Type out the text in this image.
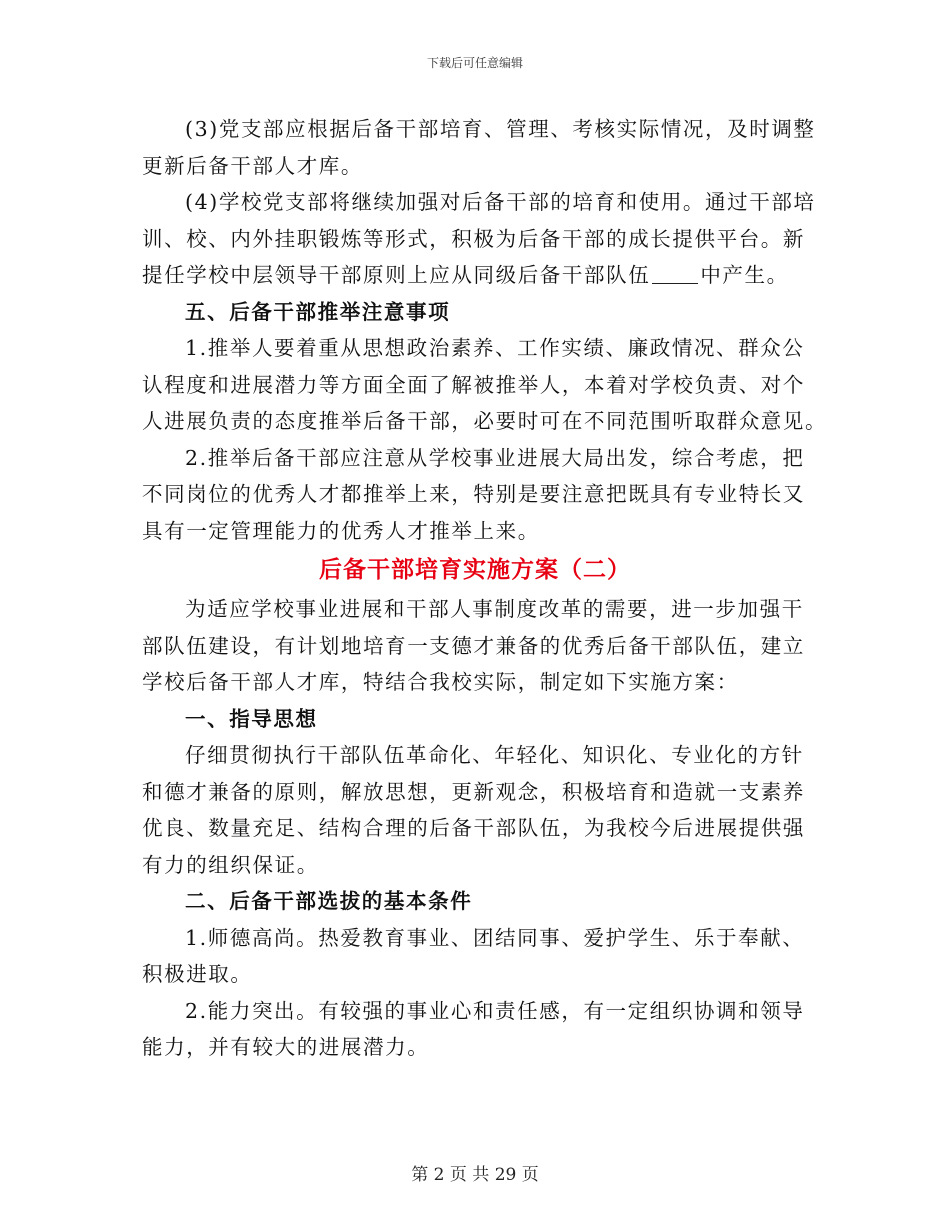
下载后可任意编辑
(3)党支部应根据后备干部培育、管理、考核实际情况，及时调整
更新后备干部人才库。
(4)学校党支部将继续加强对后备干部的培育和使用。通过干部培
训、校、内外挂职锻炼等形式，积极为后备干部的成长提供平台。新
提任学校中层领导干部原则上应从同级后备干部队伍 中产生。
五、后备干部推举注意事项
1.推举人要着重从思想政治素养、工作实绩、廉政情况、群众公
认程度和进展潜力等方面全面了解被推举人，本着对学校负责、对个
人进展负责的态度推举后备干部，必要时可在不同范围听取群众意见。
2.推举后备干部应注意从学校事业进展大局出发，综合考虑，把
不同岗位的优秀人才都推举上来，特别是要注意把既具有专业特长又
具有一定管理能力的优秀人才推举上来。
后备干部培育实施方案（二）
为适应学校事业进展和干部人事制度改革的需要，进一步加强干
部队伍建设，有计划地培育一支德才兼备的优秀后备干部队伍，建立
学校后备干部人才库，特结合我校实际，制定如下实施方案：
一、指导思想
仔细贯彻执行干部队伍革命化、年轻化、知识化、专业化的方针
和德才兼备的原则，解放思想，更新观念，积极培育和造就一支素养
优良、数量充足、结构合理的后备干部队伍，为我校今后进展提供强
有力的组织保证。
二、后备干部选拔的基本条件
1.师德高尚。热爱教育事业、团结同事、爱护学生、乐于奉献、
积极进取。
2.能力突出。有较强的事业心和责任感，有一定组织协调和领导
能力，并有较大的进展潜力。
第 2 页 共 29 页
